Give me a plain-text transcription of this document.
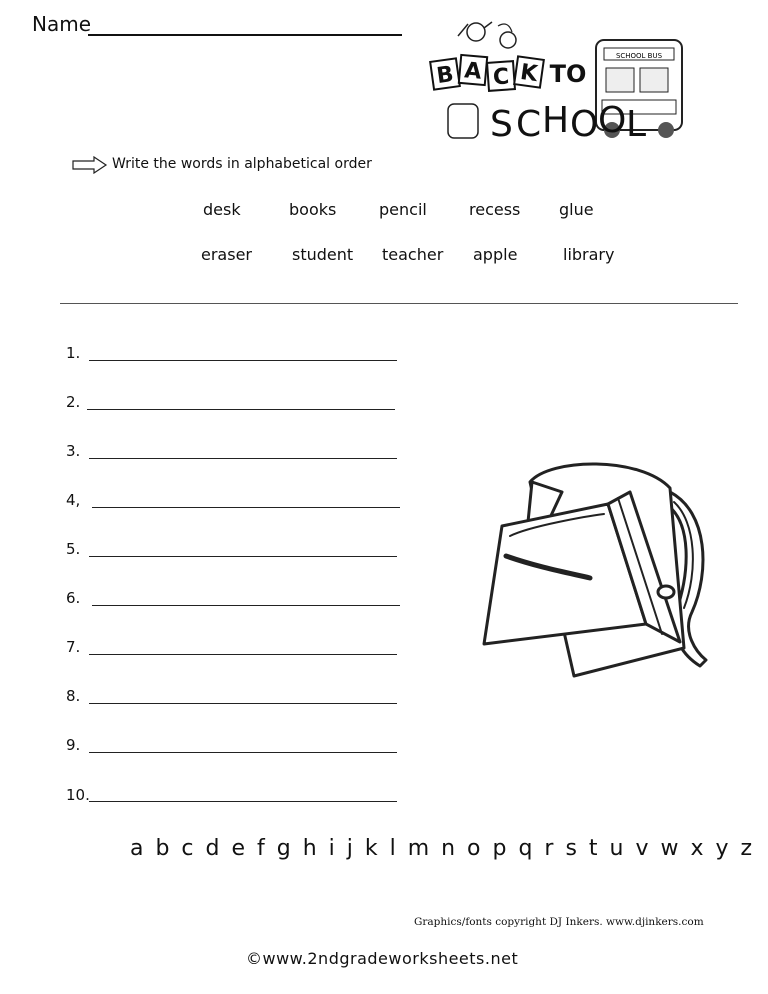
Name
SCHOOL BUS
B A C K TO
S C H O O L
Write the words in alphabetical order
desk	books	pencil	recess glue
eraser	student teacher apple	library
1.
2.
3.
4,
5.
6.
7.
8.
9.
10.
a b c d e f g h i j k l m n o p q r s t u v w x y z
Graphics/fonts copyright DJ Inkers. www.djinkers.com
©www.2ndgradeworksheets.net
